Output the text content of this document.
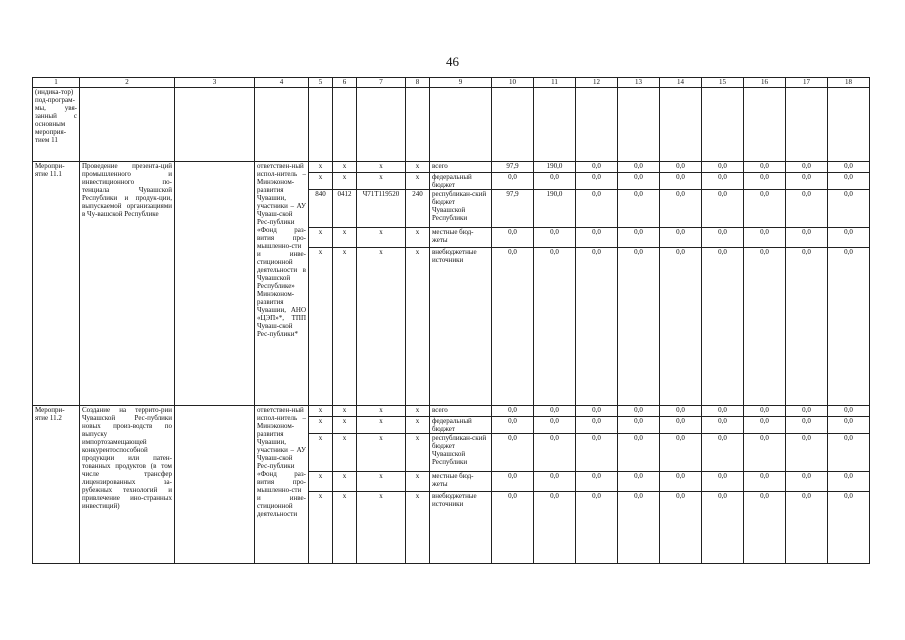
46
1	2	3	4	5	6	7	8	9	10	11	12	13	14	15	16	17	18
(индика-тор) под-програм-мы, увя-занный с основным мероприя-тием 11																	
Меропри-ятие 11.1	Проведение презента-ций промышленного и инвестиционного по-тенциала Чувашской Республики и продук-ции, выпускаемой организациями в Чу-вашской Республике		ответствен-ный испол-нитель – Минэконом-развития Чувашии, участники – АУ Чуваш-ской Рес-публики «Фонд раз-вития про-мышленно-сти и инве-стиционной деятельности в Чувашской Республике» Минэконом-развития Чувашии, АНО «ЦЭП»*, ТПП Чуваш-ской Рес-публики*	x	x	x	x	всего	97,9	190,0	0,0	0,0	0,0	0,0	0,0	0,0	0,0
				x	x	x	x	федеральный бюджет	0,0	0,0	0,0	0,0	0,0	0,0	0,0	0,0	0,0
				840	0412	Ч71Т119520	240	республикан-ский бюджет Чувашской Республики	97,9	190,0	0,0	0,0	0,0	0,0	0,0	0,0	0,0
				x	x	x	x	местные бюд-жеты	0,0	0,0	0,0	0,0	0,0	0,0	0,0	0,0	0,0
				x	x	x	x	внебюджетные источники	0,0	0,0	0,0	0,0	0,0	0,0	0,0	0,0	0,0
Меропри-ятие 11.2	Создание на террито-рии Чувашской Рес-публики новых произ-водств по выпуску импортозамещающей конкурентоспособной продукции или патен-тованных продуктов (в том числе трансфер лицензированных за-рубежных технологий и привлечение ино-странных инвестиций)		ответствен-ный испол-нитель – Минэконом-развития Чувашии, участники – АУ Чуваш-ской Рес-публики «Фонд раз-вития про-мышленно-сти и инве-стиционной деятельности	x	x	x	x	всего	0,0	0,0	0,0	0,0	0,0	0,0	0,0	0,0	0,0
				x	x	x	x	федеральный бюджет	0,0	0,0	0,0	0,0	0,0	0,0	0,0	0,0	0,0
				x	x	x	x	республикан-ский бюджет Чувашской Республики	0,0	0,0	0,0	0,0	0,0	0,0	0,0	0,0	0,0
				x	x	x	x	местные бюд-жеты	0,0	0,0	0,0	0,0	0,0	0,0	0,0	0,0	0,0
				x	x	x	x	внебюджетные источники	0,0	0,0	0,0	0,0	0,0	0,0	0,0	0,0	0,0
